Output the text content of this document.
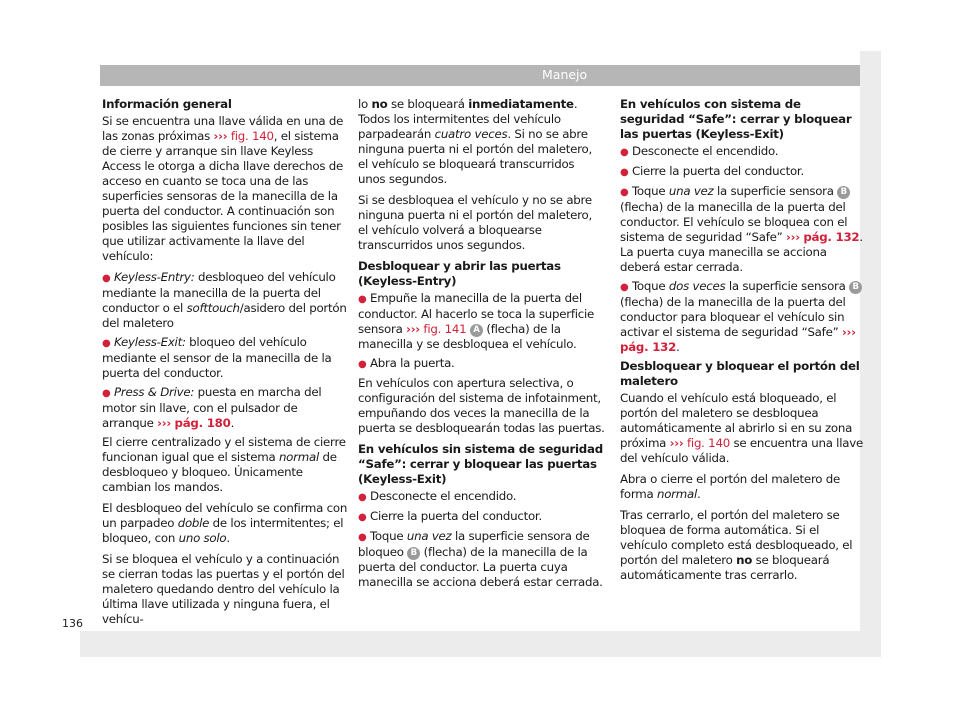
Manejo

Información general

Si se encuentra una llave válida en una de las zonas próximas ››› fig. 140, el sistema de cierre y arranque sin llave Keyless Access le otorga a dicha llave derechos de acceso en cuanto se toca una de las superficies sensoras de la manecilla de la puerta del conductor. A continuación son posibles las siguientes funciones sin tener que utilizar activamente la llave del vehículo:

● Keyless-Entry: desbloqueo del vehículo mediante la manecilla de la puerta del conductor o el softtouch/asidero del portón del maletero

● Keyless-Exit: bloqueo del vehículo mediante el sensor de la manecilla de la puerta del conductor.

● Press & Drive: puesta en marcha del motor sin llave, con el pulsador de arranque ››› pág. 180.

El cierre centralizado y el sistema de cierre funcionan igual que el sistema normal de desbloqueo y bloqueo. Únicamente cambian los mandos.

El desbloqueo del vehículo se confirma con un parpadeo doble de los intermitentes; el bloqueo, con uno solo.

Si se bloquea el vehículo y a continuación se cierran todas las puertas y el portón del maletero quedando dentro del vehículo la última llave utilizada y ninguna fuera, el vehícu-

lo no se bloqueará inmediatamente. Todos los intermitentes del vehículo parpadearán cuatro veces. Si no se abre ninguna puerta ni el portón del maletero, el vehículo se bloqueará transcurridos unos segundos.

Si se desbloquea el vehículo y no se abre ninguna puerta ni el portón del maletero, el vehículo volverá a bloquearse transcurridos unos segundos.

Desbloquear y abrir las puertas (Keyless-Entry)

● Empuñe la manecilla de la puerta del conductor. Al hacerlo se toca la superficie sensora ››› fig. 141 A (flecha) de la manecilla y se desbloquea el vehículo.

● Abra la puerta.

En vehículos con apertura selectiva, o configuración del sistema de infotainment, empuñando dos veces la manecilla de la puerta se desbloquearán todas las puertas.

En vehículos sin sistema de seguridad “Safe”: cerrar y bloquear las puertas (Keyless-Exit)

● Desconecte el encendido.

● Cierre la puerta del conductor.

● Toque una vez la superficie sensora de bloqueo B (flecha) de la manecilla de la puerta del conductor. La puerta cuya manecilla se acciona deberá estar cerrada.

En vehículos con sistema de seguridad “Safe”: cerrar y bloquear las puertas (Keyless-Exit)

● Desconecte el encendido.

● Cierre la puerta del conductor.

● Toque una vez la superficie sensora B (flecha) de la manecilla de la puerta del conductor. El vehículo se bloquea con el sistema de seguridad “Safe” ››› pág. 132. La puerta cuya manecilla se acciona deberá estar cerrada.

● Toque dos veces la superficie sensora B (flecha) de la manecilla de la puerta del conductor para bloquear el vehículo sin activar el sistema de seguridad “Safe” ››› pág. 132.

Desbloquear y bloquear el portón del maletero

Cuando el vehículo está bloqueado, el portón del maletero se desbloquea automáticamente al abrirlo si en su zona próxima ››› fig. 140 se encuentra una llave del vehículo válida.

Abra o cierre el portón del maletero de forma normal.

Tras cerrarlo, el portón del maletero se bloquea de forma automática. Si el vehículo completo está desbloqueado, el portón del maletero no se bloqueará automáticamente tras cerrarlo.

136
